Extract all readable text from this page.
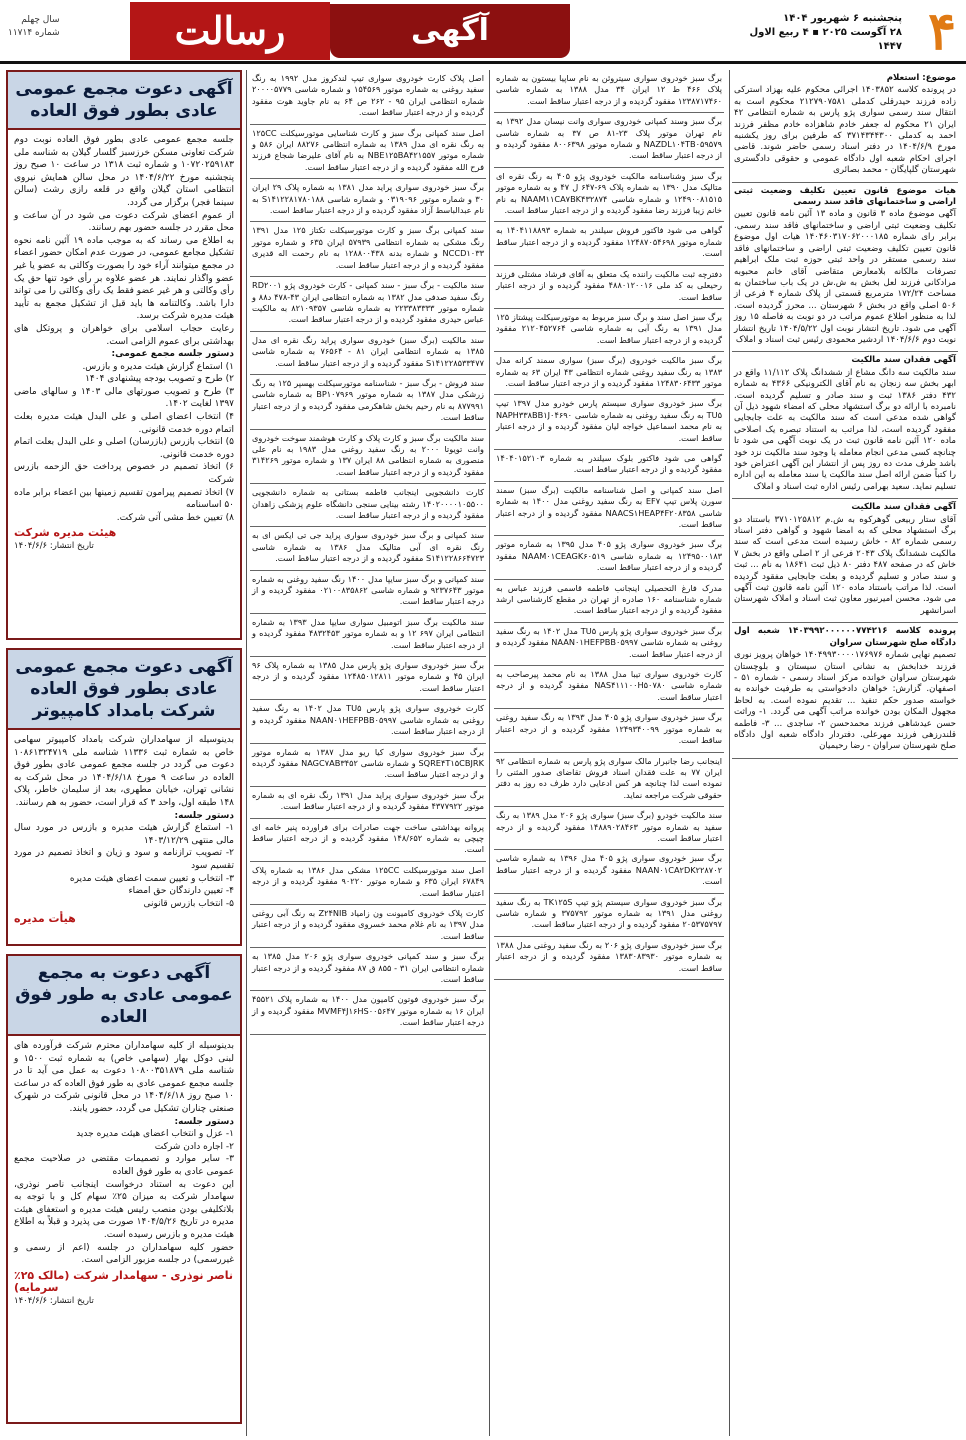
۴
پنجشنبه ۶ شهریور ۱۴۰۴
۲۸ آگوست ۲۰۲۵ ▪ ۴ ربیع الاول ۱۴۴۷
آگهی
رسالت
سال چهلم
شماره ۱۱۷۱۴

موضوع: استعلام

در پرونده کلاسه ۱۴۰۳۸۵۲ اجرائی محکوم علیه بهزاد استرکی زاده فرزند حیدرقلی کدملی ۲۱۲۷۹۰۷۵۸۱ محکوم است به انتقال سند رسمی سواری پژو پارس به شماره انتظامی ۴۲ ایران ۲۱ محکوم له جعفر خادم شاهزاده خادم مظفر فرزند احمد به کدملی ۳۷۱۴۳۴۴۳۰۰ که طرفین برای روز یکشنبه مورخ ۱۴۰۴/۶/۹ در دفتر اسناد رسمی حاضر شوند. قاضی اجرای احکام شعبه اول دادگاه عمومی و حقوقی دادگستری شهرستان گلپایگان - محمد بصائری

هیات موضوع قانون تعیین تکلیف وضعیت ثبتی اراضی و ساختمانهای فاقد سند رسمی

آگهی موضوع ماده ۳ قانون و ماده ۱۳ آئین نامه قانون تعیین تکلیف وضعیت ثبتی اراضی و ساختمانهای فاقد سند رسمی. برابر رای شماره ۱۴۰۴۶۰۳۱۷۰۶۲۰۰۰۱۸۵ هیات اول موضوع قانون تعیین تکلیف وضعیت ثبتی اراضی و ساختمانهای فاقد سند رسمی مستقر در واحد ثبتی حوزه ثبت ملک ابراهیم تصرفات مالکانه بلامعارض متقاضی آقای خانم محبوبه مرادکانی فرزند لعل بخش به ش.ش در یک باب ساختمان به مساحت ۱۷۲/۲۴ مترمربع قسمتی از پلاک شماره ۴ فرعی از ۵۰۶ اصلی واقع در بخش ۶ شهرستان ... محرز گردیده است. لذا به منظور اطلاع عموم مراتب در دو نوبت به فاصله ۱۵ روز آگهی می شود. تاریخ انتشار نوبت اول ۱۴۰۴/۵/۲۲ تاریخ انتشار نوبت دوم ۱۴۰۴/۶/۶ اردشیر محمودی رئیس ثبت اسناد و املاک

آگهی فقدان سند مالکیت

سند مالکیت سه دانگ مشاع از ششدانگ پلاک ۱۱/۱۱۲ واقع در ابهر بخش سه زنجان به نام آقای الکترونیکی ۴۳۶۶ به شماره ۴۳۲ دفتر ۱۳۸۶ ثبت و سند صادر و تسلیم گردیده است. نامبرده با ارائه دو برگ استشهاد محلی که امضاء شهود ذیل آن گواهی شده مدعی است که سند مالکیت به علت جابجایی مفقود گردیده است، لذا مراتب به استناد تبصره یک اصلاحی ماده ۱۲۰ آئین نامه قانون ثبت در یک نوبت آگهی می شود تا چنانچه کسی مدعی انجام معامله یا وجود سند مالکیت نزد خود باشد ظرف مدت ده روز پس از انتشار این آگهی اعتراض خود را کتباً ضمن ارائه اصل سند مالکیت یا سند معامله به این اداره تسلیم نماید. سعید بهرامی رئیس اداره ثبت اسناد و املاک

آگهی فقدان سند مالکیت

آقای ستار ربیعی گوهرکوه به ش.م ۳۷۱۰۱۲۵۸۱۲ باستناد دو برگ استشهاد محلی که به امضا شهود و گواهی دفتر اسناد رسمی شماره ۸۲ - خاش رسیده است مدعی است که سند مالکیت ششدانگ پلاک ۲۰۴۳ فرعی از ۲ اصلی واقع در بخش ۷ خاش که در صفحه ۴۸۷ دفتر ۸۰ ذیل ثبت ۱۸۶۴۱ به نام ... ثبت و سند صادر و تسلیم گردیده و بعلت جابجایی مفقود گردیده است. لذا مراتب باستناد ماده ۱۲۰ آئین نامه قانون ثبت آگهی می شود. محسن امیرنیور معاون ثبت اسناد و املاک شهرستان اسرانشهر

پرونده کلاسه ۱۴۰۳۹۹۲۰۰۰۰۰۰۷۷۴۲۱۶ شعبه اول دادگاه صلح شهرستان سراوان

تصمیم نهایی شماره ۱۴۰۴۹۹۳۰۰۰۰۱۷۶۹۷۶ خواهان پرویز نوری فرزند خدابخش به نشانی استان سیستان و بلوچستان شهرستان سراوان خوانده مرکز اسناد رسمی - شماره ۵۱ - اصفهان. گزارش: خواهان دادخواستی به طرفیت خوانده به خواسته صدور حکم تنفیذ ... تقدیم نموده است. به لحاظ مجهول المکان بودن خوانده مراتب آگهی می گردد. ۱- وراثت حسن عیدشاهی فرزند محمدحسن ۲- ساجدی ... ۳- فاطمه قلندرزهی فرزند مهرعلی. دفتردار دادگاه شعبه اول دادگاه صلح شهرستان سراوان - رضا رحیمیان

برگ سبز خودروی سواری سیتروئن به نام ساپیا بیستون به شماره پلاک ۴۶۶ ط ۱۲ ایران ۳۴ مدل ۱۳۸۸ به شماره شاسی ۱۲۳۸۷۱۷۴۶۰ مفقود گردیده و از درجه اعتبار ساقط است.

برگ سبز وسند کمپانی خودروی سواری وانت نیسان مدل ۱۳۹۲ به نام تهران موتور پلاک ۲۳-۸۱ ص ۳۷ به شماره شاسی NAZDL۱۰۴TB۰۵۹۵۷۹ و شماره موتور ۸۰۰۶۳۹۸ مفقود گردیده و از درجه اعتبار ساقط است.

برگ سبز وشناسنامه مالکیت خودروی پژو ۴۰۵ به رنگ نقره ای متالیک مدل ۱۳۹۰ به شماره پلاک ۶۹-۶۴۷ ل ۴۷ و به شماره موتور ۱۲۴۹۰۰۸۱۵۱۵ و شماره شاسی NAAM۱۱CA۷BK۴۳۲۸۷۴ به نام خانم زیبا فرزند رضا مفقود گردیده و از درجه اعتبار ساقط است.

گواهی می شود فاکتور فروش سیلندر به شماره ۱۴۰۴۱۱۸۸۹۳ به شماره موتور ۱۲۴۸۷۰۵۴۶۹۸ مفقود گردیده و از درجه اعتبار ساقط است.

دفترچه ثبت مالکیت راننده یک متعلق به آقای فرشاد مشتلی فرزند رحیعلی به کد ملی ۴۸۸۰۱۲۰۰۱۶ مفقود گردیده و از درجه اعتبار ساقط است.

برگ سبز اصل سند و برگ سبز مربوط به موتورسیکلت پیشتاز ۱۲۵ مدل ۱۳۹۱ به رنگ آبی به شماره شاسی ۲۱۲۰۴۵۲۷۶۴ مفقود گردیده و از درجه اعتبار ساقط است.

برگ سبز مالکیت خودروی (برگ سبز) سواری سمند کرانه مدل ۱۳۸۳ به رنگ سفید روغنی شماره انتظامی ۴۳ ایران ۶۳ به شماره موتور ۱۲۴۸۳۰۶۴۳۳ مفقود گردیده و از درجه اعتبار ساقط است.

برگ سبز خودروی سواری سیستم پارس خودرو مدل ۱۳۹۷ تیپ TU۵ به رنگ سفید روغنی به شماره شاسی NAPH۳۳۸BB۱J۰۴۶۹۰ به نام محمد اسماعیل خواجه لیان مفقود گردیده و از درجه اعتبار ساقط است.

گواهی می شود فاکتور بلوک سیلندر به شماره ۱۴۰۴۰۱۵۲۱۰۳ مفقود گردیده و از درجه اعتبار ساقط است.

اصل سند کمپانی و اصل شناسنامه مالکیت (برگ سبز) سمند سورن پلاس تیپ EF۷ به رنگ سفید روغنی مدل ۱۴۰۰ به شماره شاسی NAACS۱HEAP۴F۲۰۸۳۵۸ مفقود گردیده و از درجه اعتبار ساقط است.

برگ سبز خودروی سواری پژو ۴۰۵ مدل ۱۳۹۵ به شماره موتور ۱۲۴۹۵۰۰۱۸۳ به شماره شاسی NAAM۰۱CEAGK۶۰۵۱۹ مفقود گردیده و از درجه اعتبار ساقط است.

مدرک فارغ التحصیلی اینجانب فاطمه قاسمی فرزند عباس به شماره شناسنامه ۱۶۰ صادره از تهران در مقطع کارشناسی ارشد مفقود گردیده و از درجه اعتبار ساقط است.

برگ سبز خودروی سواری پژو پارس TU۵ مدل ۱۴۰۲ به رنگ سفید روغنی به شماره شاسی NAAN۰۱HEFPBB۰۵۹۹۷ مفقود گردیده و از درجه اعتبار ساقط است.

کارت خودروی سواری تیبا مدل ۱۳۸۸ به نام محمد پیرصاحب به شماره شاسی NAS۴۱۱۱۰۰H۵۰۷۸۰ مفقود گردیده و از درجه اعتبار ساقط است.

برگ سبز خودروی سواری پژو ۴۰۵ مدل ۱۳۹۳ به رنگ سفید روغنی به شماره موتور ۱۲۴۹۳۴۰۰۹۹ مفقود گردیده و از درجه اعتبار ساقط است.

اینجانب رضا جانبرار مالک سواری پژو پارس به شماره انتظامی ۹۲ ایران ۷۷ به علت فقدان اسناد فروش تقاضای صدور المثنی را نموده است لذا چنانچه هر کس ادعایی دارد ظرف ده روز به دفتر حقوقی شرکت مراجعه نماید.

سند مالکیت خودرو (برگ سبز) سواری پژو ۲۰۶ مدل ۱۳۸۹ به رنگ سفید به شماره موتور ۱۴۸۸۹۰۲۸۴۶۳ مفقود گردیده و از درجه اعتبار ساقط است.

برگ سبز خودروی سواری پژو ۴۰۵ مدل ۱۳۹۶ به شماره شاسی NAAN۰۱CA۲DK۲۲۸۷۰۲ مفقود گردیده و از درجه اعتبار ساقط است.

برگ سبز خودروی سواری سیستم پژو تیپ TK۱۲۵S به رنگ سفید روغنی مدل ۱۳۹۱ به شماره موتور ۳۷۵۷۹۲ و شماره شاسی ۲۰۵۳۷۵۷۹۷ مفقود گردیده و از درجه اعتبار ساقط است.

برگ سبز خودروی سواری پژو ۲۰۶ به رنگ سفید روغنی مدل ۱۳۸۸ به شماره موتور ۱۳۸۳۰۸۳۹۳۰ مفقود گردیده و از درجه اعتبار ساقط است.

اصل پلاک کارت خودروی سواری تیپ لندکروز مدل ۱۹۹۲ به رنگ سفید روغنی به شماره موتور ۱۵۴۵۶۹ و شماره شاسی ۲۰۰۰۰۵۷۷۹ شماره انتظامی ایران ۹۵ - ۲۶۲ ص ۶۴ به نام جاوید هوت مفقود گردیده و از درجه اعتبار ساقط است.

اصل سند کمپانی برگ سبز و کارت شناسایی موتورسیکلت ۱۲۵CC به رنگ نقره ای مدل ۱۳۸۹ به شماره انتظامی ۸۸۲۷۶ ایران ۵۸۶ و شماره موتور NBE۱۲۵BA۴۲۱۵۵۷ به نام آقای علیرضا شجاع فرزند فرح الله مفقود گردیده و از درجه اعتبار ساقط است.

برگ سبز خودروی سواری پراید مدل ۱۳۸۱ به شماره پلاک ۲۹ ایران ۳۰ و شماره موتور ۰۳۱۹۰۹۶ و شماره شاسی S۱۴۱۲۲۸۱۷۸۰۱۸۸ به نام عبدالباسط آزاد مفقود گردیده و از درجه اعتبار ساقط است.

سند کمپانی برگ سبز و کارت موتورسیکلت تکتاز ۱۲۵ مدل ۱۳۹۱ رنگ مشکی به شماره انتظامی ۵۷۹۳۹ ایران ۶۳۵ و شماره موتور NCCD۱۰۳۳ و شماره بدنه ۱۲۸۸۰۰۴۳۸ به نام رحمت اله قدیری مفقود گردیده و از درجه اعتبار ساقط است.

سند مالکیت - برگ سبز - سند کمپانی - کارت خودروی پژو RD۲۰۰۱ رنگ سفید صدفی مدل ۱۳۸۲ به شماره انتظامی ایران ۴۳-۴۷۸ د۸۸ و شماره موتور ۲۲۳۳۸۳۳۳۳ به شماره شاسی ۸۲۱۰۹۳۵۷ به مالکیت عباس حیدری مفقود گردیده و از درجه اعتبار ساقط است.

سند مالکیت (برگ سبز) خودروی سواری پراید رنگ نقره ای مدل ۱۳۸۵ به شماره انتظامی ایران ۸۱ - ۷۶۵۶۴ به شماره شاسی S۱۴۱۲۲۸۵۳۳۴۷۷ مفقود گردیده و از درجه اعتبار ساقط است.

سند فروش - برگ سبز - شناسنامه موتورسیکلت بهسپر ۱۲۵ به رنگ زرشکی مدل ۱۳۸۷ به شماره موتور BP۱۰۷۹۶۹ به شماره شاسی ۸۷۷۹۹۱ به نام رحیم بخش شاهکرمی مفقود گردیده و از درجه اعتبار ساقط است.

سند مالکیت برگ سبز و کارت پلاک و کارت هوشمند سوخت خودروی وانت تویوتا ۲۰۰۰ به رنگ سفید روغنی مدل ۱۹۸۳ به نام علی منصوری به شماره انتظامی ۸۸ ایران ۱۳۷ و شماره موتور ۳۱۴۲۶۹ مفقود گردیده و از درجه اعتبار ساقط است.

کارت دانشجویی اینجانب فاطمه بستانی به شماره دانشجویی ۱۴۰۲۰۰۰۰۱۰۵۵۰۰ رشته بینایی سنجی دانشگاه علوم پزشکی زاهدان مفقود گردیده و از درجه اعتبار ساقط است.

سند کمپانی و برگ سبز خودروی سواری پراید جی تی ایکس ای به رنگ نقره ای آبی متالیک مدل ۱۳۸۶ به شماره شاسی S۱۴۱۲۲۸۶۶۴۷۲۳ مفقود گردیده و از درجه اعتبار ساقط است.

سند کمپانی و برگ سبز سایپا مدل ۱۴۰۰ رنگ سفید روغنی به شماره موتور ۹۲۳۷۶۴۳ و شماره شاسی ۰۲۱۰۰۸۳۵۸۶۲ مفقود گردیده و از درجه اعتبار ساقط است.

سند مالکیت برگ سبز اتومبیل سواری سایپا مدل ۱۳۹۳ به شماره انتظامی ایران ۶۹۷ ۱۲ و به شماره موتور ۴۸۳۲۴۵۳ مفقود گردیده و از درجه اعتبار ساقط است.

برگ سبز خودروی سواری پژو پارس مدل ۱۳۸۵ به شماره پلاک ۹۶ ایران ۴۵ و شماره موتور ۱۲۴۸۵۰۱۲۸۱۱ مفقود گردیده و از درجه اعتبار ساقط است.

کارت خودروی سواری پژو پارس TU۵ مدل ۱۴۰۲ به رنگ سفید روغنی به شماره شاسی NAAN۰۱HEFPBB۰۵۹۹۷ مفقود گردیده و از درجه اعتبار ساقط است.

برگ سبز خودروی سواری کیا ریو مدل ۱۳۸۷ به شماره موتور SQRE۴T۱۵CBJRK و شماره شاسی NAGC۷AB۳۴۵۲ مفقود گردیده و از درجه اعتبار ساقط است.

برگ سبز خودروی سواری پراید مدل ۱۳۹۱ رنگ نقره ای به شماره موتور ۴۳۷۷۹۲۲ مفقود گردیده و از درجه اعتبار ساقط است.

پروانه بهداشتی ساخت جهت صادرات برای فراورده پنیر خامه ای چیچی به شماره ۱۴۸/۶۵۲ مفقود گردیده و از درجه اعتبار ساقط است.

اصل سند موتورسیکلت ۱۲۵CC مشکی مدل ۱۳۸۶ به شماره پلاک ۶۷۸۴۹ ایران ۶۳۵ و شماره موتور ۹۰۲۲۰ مفقود گردیده و از درجه اعتبار ساقط است.

کارت پلاک خودروی کامیونت ون زامیاد Z۲۴NIB به رنگ آبی روغنی مدل ۱۳۹۷ به نام غلام محمد خسروی مفقود گردیده و از درجه اعتبار ساقط است.

برگ سبز و سند کمپانی خودروی سواری پژو ۲۰۶ مدل ۱۳۸۵ به شماره انتظامی ایران ۳۱ - ۸۵۵ ق ۸۷ مفقود گردیده و از درجه اعتبار ساقط است.

برگ سبز خودروی فوتون کامیون مدل ۱۴۰۰ به شماره پلاک ۴۵۵۲۱ ایران ۱۶ به شماره موتور MVMF۴J۱۶HS۰۰۵۶۴۷ مفقود گردیده و از درجه اعتبار ساقط است.

آگهی دعوت مجمع عمومی عادی بطور فوق العاده

جلسه مجمع عمومی عادی بطور فوق العاده نوبت دوم شرکت تعاونی مسکن خرزسبز گلسار گیلان به شناسه ملی ۱۰۷۲۰۲۵۹۱۸۳ و شماره ثبت ۱۳۱۸ در ساعت ۱۰ صبح روز پنجشنبه مورخ ۱۴۰۴/۶/۲۲ در محل سالن همایش نیروی انتظامی استان گیلان واقع در قلعه رازی رشت (سالن سینما فجر) برگزار می گردد.

از عموم اعضای شرکت دعوت می شود در آن ساعت و محل مقرر در جلسه حضور بهم رسانند.

به اطلاع می رساند که به موجب ماده ۱۹ آئین نامه نحوه تشکیل مجامع عمومی، در صورت عدم امکان حضور اعضاء در مجمع میتوانند آراء خود را بصورت وکالتی به عضو یا غیر عضو واگذار نمایند. هر عضو علاوه بر رأی خود تنها حق یک رأی وکالتی و هر غیر عضو فقط یک رأی وکالتی را می تواند دارا باشد. وکالتنامه ها باید قبل از تشکیل مجمع به تأیید هیئت مدیره شرکت برسد.

رعایت حجاب اسلامی برای خواهران و پروتکل های بهداشتی برای عموم الزامی است.

دستور جلسه مجمع عمومی:

۱) استماع گزارش هیئت مدیره و بازرس.

۲) طرح و تصویب بودجه پیشنهادی ۱۴۰۴

۳) طرح و تصویب صورتهای مالی ۱۴۰۳ و سالهای ماضی ۱۳۹۷ لغایت ۱۴۰۲.

۴) انتخاب اعضای اصلی و علی البدل هیئت مدیره بعلت اتمام دوره خدمت قانونی.

۵) انتخاب بازرس (بازرسان) اصلی و علی البدل بعلت اتمام دوره خدمت قانونی.

۶) اتخاذ تصمیم در خصوص پرداخت حق الزحمه بازرس شرکت

۷) اتخاذ تصمیم پیرامون تقسیم زمینها بین اعضاء برابر ماده ۵۰ اساسنامه

۸) تعیین خط مشی آتی شرکت.

هیئت مدیره شرکت

تاریخ انتشار: ۱۴۰۴/۶/۶

آگهی دعوت مجمع عمومی عادی بطور فوق العاده شرکت بامداد کامپیوتر

بدینوسیله از سهامداران شرکت بامداد کامپیوتر سهامی خاص به شماره ثبت ۱۱۳۳۶ شناسه ملی ۱۰۸۶۱۳۲۴۷۱۹ دعوت می گردد در جلسه مجمع عمومی عادی بطور فوق العاده در ساعت ۹ مورخ ۱۴۰۴/۶/۱۸ در محل شرکت به نشانی تهران، خیابان مطهری، بعد از سلیمان خاطر، پلاک ۱۴۸ طبقه اول، واحد ۳ که قرار است، حضور به هم رسانند.

دستور جلسه:

۱- استماع گزارش هیئت مدیره و بازرس در مورد سال مالی منتهی ۱۴۰۳/۱۲/۲۹

۲- تصویب ترازنامه و سود و زیان و اتخاذ تصمیم در مورد تقسیم سود

۳- انتخاب و تعیین سمت اعضای هیئت مدیره

۴- تعیین دارندگان حق امضاء

۵- انتخاب بازرس قانونی

هیأت مدیره

آگهی دعوت به مجمع عمومی عادی به طور فوق العاده

بدینوسیله از کلیه سهامداران محترم شرکت فرآورده های لبنی دوکل بهار (سهامی خاص) به شماره ثبت ۱۵۰۰ و شناسه ملی ۱۰۸۰۰۳۵۱۸۷۹ دعوت به عمل می آید تا در جلسه مجمع عمومی عادی به طور فوق العاده که در ساعت ۱۰ صبح روز ۱۴۰۴/۶/۱۸ در محل قانونی شرکت در شهرک صنعتی چناران تشکیل می گردد، حضور یابند.

دستور جلسه:

۱- عزل و انتخاب اعضای هیئت مدیره جدید

۲- اجاره دادن شرکت

۳- سایر موارد و تصمیمات مقتضی در صلاحیت مجمع عمومی عادی به طور فوق العاده

این دعوت به استناد درخواست اینجانب ناصر نوذری، سهامدار شرکت به میزان ۲۵٪ سهام کل و با توجه به بلاتکلیفی بودن منصب رئیس هیئت مدیره و استعفای هیئت مدیره در تاریخ ۱۴۰۴/۵/۲۶ صورت می پذیرد و قبلاً به اطلاع هیئت مدیره و بازرس رسیده است.

حضور کلیه سهامداران در جلسه (اعم از رسمی و غیررسمی) در جلسه مزبور الزامی است.

ناصر نوذری - سهامدار شرکت (مالک ۲۵٪ سرمایه)

تاریخ انتشار: ۱۴۰۴/۶/۶
